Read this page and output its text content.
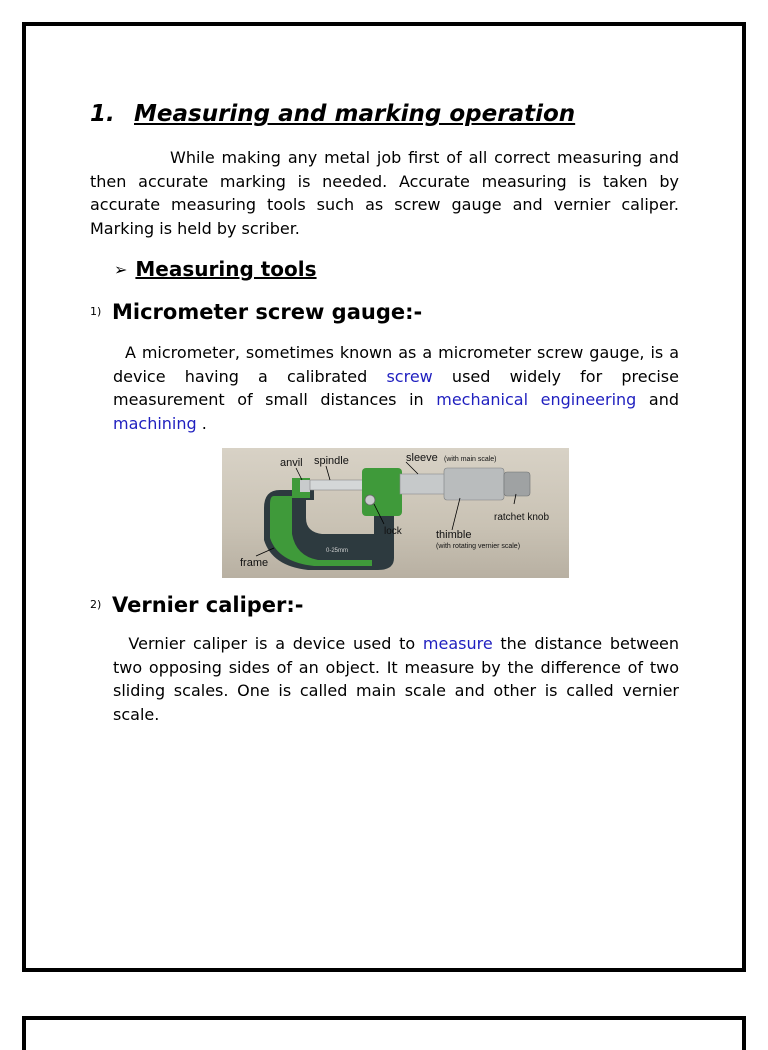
1. Measuring and marking operation
While making any metal job first of all correct measuring and then accurate marking is needed. Accurate measuring is taken by accurate measuring tools such as screw gauge and vernier caliper. Marking is held by scriber.
➢ Measuring tools
1) Micrometer screw gauge:-
A micrometer, sometimes known as a micrometer screw gauge, is a device having a calibrated screw used widely for precise measurement of small distances in mechanical engineering and machining .
anvil spindle	sleeve (with main scale)
ratchet knob
lock	thimble
(with rotating vernier scale)
frame
0-25mm
2) Vernier caliper:-
Vernier caliper is a device used to measure the distance between two opposing sides of an object. It measure by the difference of two sliding scales. One is called main scale and other is called vernier scale.
